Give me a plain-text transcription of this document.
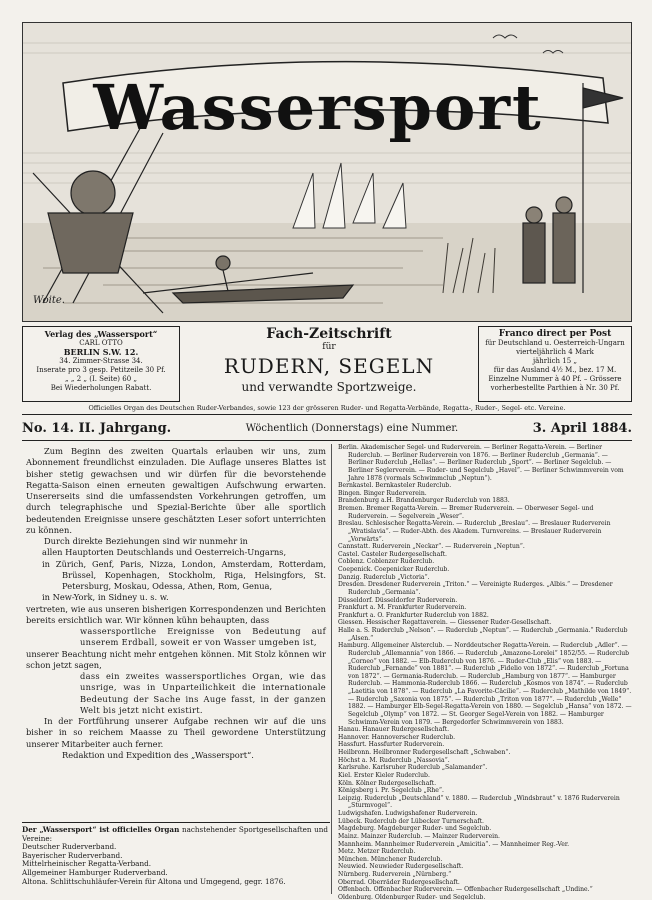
Wassersport
Woite.
Verlag des „Wassersport“
CARL OTTO
BERLIN S.W. 12.
34. Zimmer-Strasse 34.
Inserate pro 3 gesp. Petitzeile 30 Pf.
„ „ 2 „ (I. Seite) 60 „
Bei Wiederholungen Rabatt.
Fach-Zeitschrift
für
RUDERN, SEGELN
und verwandte Sportzweige.
Franco direct per Post
für Deutschland u. Oesterreich-Ungarn
vierteljährlich 4 Mark
jährlich 15 „
für das Ausland 4½ M., bez. 17 M.
Einzelne Nummer à 40 Pf. – Grössere
vorherbestellte Parthien à Nr. 30 Pf.
Officielles Organ des Deutschen Ruder-Verbandes, sowie 123 der grösseren Ruder- und Regatta-Verbände, Regatta-, Ruder-, Segel- etc. Vereine.
No. 14. II. Jahrgang.	Wöchentlich (Donnerstags) eine Nummer.	3. April 1884.

Zum Beginn des zweiten Quartals erlauben wir uns, zum Abonnement freundlichst einzuladen. Die Auflage unseres Blattes ist bisher stetig gewachsen und wir dürfen für die bevorstehende Regatta-Saison einen erneuten gewaltigen Aufschwung erwarten. Unsererseits sind die umfassendsten Vorkehrungen getroffen, um durch telegraphische und Spezial-Berichte über alle sportlich bedeutenden Ereignisse unsere geschätzten Leser sofort unterrichten zu können.

Durch direkte Beziehungen sind wir nunmehr in

allen Hauptorten Deutschlands und Oesterreich-Ungarns,

in Zürich, Genf, Paris, Nizza, London, Amsterdam, Rotterdam, Brüssel, Kopenhagen, Stockholm, Riga, Helsingfors, St. Petersburg, Moskau, Odessa, Athen, Rom, Genua,

in New-York, in Sidney u. s. w.

vertreten, wie aus unseren bisherigen Korrespondenzen und Berichten bereits ersichtlich war. Wir können kühn behaupten, dass

wassersportliche Ereignisse von Bedeutung auf unserem Erdball, soweit er von Wasser umgeben ist,

unserer Beachtung nicht mehr entgehen können. Mit Stolz können wir schon jetzt sagen,

dass ein zweites wassersportliches Organ, wie das unsrige, was in Unparteilichkeit die internationale Bedeutung der Sache ins Auge fasst, in der ganzen Welt bis jetzt nicht existirt.

In der Fortführung unserer Aufgabe rechnen wir auf die uns bisher in so reichem Maasse zu Theil gewordene Unterstützung unserer Mitarbeiter auch ferner.

Redaktion und Expedition des „Wassersport“.

Der „Wassersport“ ist officielles Organ nachstehender Sportgesellschaften und Vereine:
Deutscher Ruderverband.
Bayerischer Ruderverband.
Mittelrheinischer Regatta-Verband.
Allgemeiner Hamburger Ruderverband.
Altona. Schlittschuhläufer-Verein für Altona und Umgegend, gegr. 1876.
Berlin. Akademischer Segel- und Ruderverein. — Berliner Regatta-Verein. — Berliner Ruderclub. — Berliner Ruderverein von 1876. — Berliner Ruderclub „Germania“. — Berliner Ruderclub „Hellas“. — Berliner Ruderclub „Sport“. — Berliner Segelclub. — Berliner Seglerverein. — Ruder- und Segelclub „Havel“. — Berliner Schwimmverein vom Jahre 1878 (vormals Schwimmclub „Neptun“).
Bernkastel. Bernkasteler Ruderclub.
Bingen. Binger Ruderverein.
Brandenburg a.H. Brandenburger Ruderclub von 1883.
Bremen. Bremer Regatta-Verein. — Bremer Ruderverein. — Oberweser Segel- und Ruderverein. — Segelverein „Weser“.
Breslau. Schlesischer Regatta-Verein. — Ruderclub „Breslau“. — Breslauer Ruderverein „Wratislavia“. — Ruder-Abth. des Akadem. Turnvereins. — Breslauer Ruderverein „Vorwärts“.
Cannstatt. Ruderverein „Neckar“. — Ruderverein „Neptun“.
Castel. Casteler Rudergesellschaft.
Coblenz. Coblenzer Ruderclub.
Coepenick. Coepenicker Ruderclub.
Danzig. Ruderclub „Victoria“.
Dresden. Dresdener Ruderverein „Triton.“ — Vereinigte Ruderges. „Albis.“ — Dresdener Ruderclub „Germania“.
Düsseldorf. Düsseldorfer Ruderverein.
Frankfurt a. M. Frankfurter Ruderverein.
Frankfurt a. O. Frankfurter Ruderclub von 1882.
Giessen. Hessischer Regattaverein. — Giessener Ruder-Gesellschaft.
Halle a. S. Ruderclub „Nelson“. — Ruderclub „Neptun“. — Ruderclub „Germania.“ Ruderclub „Alsen.“
Hamburg. Allgemeiner Alsterclub. — Norddeutscher Regatta-Verein. — Ruderclub „Adler“. — Ruderclub „Allemannia“ von 1866. — Ruderclub „Amazone-Lorelei“ 1852/55. — Ruderclub „Corneo“ von 1882. — Elb-Ruderclub von 1876. — Ruder-Club „Elis“ von 1883. — Ruderclub „Fernande“ von 1881“. — Ruderclub „Fidelio von 1872“. — Ruderclub „Fortuna von 1872“. — Germania-Ruderclub. — Ruderclub „Hamburg von 1877“. — Hamburger Ruderclub. — Hammonia-Ruderclub 1866. — Ruderclub „Kosmos von 1874“. — Ruderclub „Laetitia von 1878“. — Ruderclub „La Favorite-Cäcilie“. — Ruderclub „Mathilde von 1849“. — Ruderclub „Saxonia von 1875“. — Ruderclub „Triton von 1877“. — Ruderclub „Welle“ 1882. — Hamburger Elb-Segel-Regatta-Verein von 1880. — Segelclub „Hansa“ von 1872. — Segelclub „Olymp“ von 1872. — St. Georger Segel-Verein von 1882. — Hamburger Schwimm-Verein von 1879. — Bergedorfer Schwimmverein von 1883.
Hanau. Hanauer Rudergesellschaft.
Hannover. Hannoverscher Ruderclub.
Hassfurt. Hassfurter Ruderverein.
Heilbronn. Heilbronner Rudergesellschaft „Schwaben“.
Höchst a. M. Ruderclub „Nassovia“.
Karlsruhe. Karlsruher Ruderclub „Salamander“.
Kiel. Erster Kieler Ruderclub.
Köln. Kölner Rudergesellschaft.
Königsberg i. Pr. Segelclub „Rhe“.
Leipzig. Ruderclub „Deutschland“ v. 1880. — Ruderclub „Windsbraut“ v. 1876 Ruderverein „Sturmvogel“.
Ludwigshafen. Ludwigshafener Ruderverein.
Lübeck. Ruderclub der Lübecker Turnerschaft.
Magdeburg. Magdeburger Ruder- und Segelclub.
Mainz. Mainzer Ruderclub. — Mainzer Ruderverein.
Mannheim. Mannheimer Ruderverein „Amicitia“. — Mannheimer Reg.-Ver.
Metz. Metzer Ruderclub.
München. Münchener Ruderclub.
Neuwied. Neuwieder Rudergesellschaft.
Nürnberg. Ruderverein „Nürnberg.“
Oberrad. Oberräder Rudergesellschaft.
Offenbach. Offenbacher Ruderverein. — Offenbacher Rudergesellschaft „Undine.“
Oldenburg. Oldenburger Ruder- und Segelclub.
